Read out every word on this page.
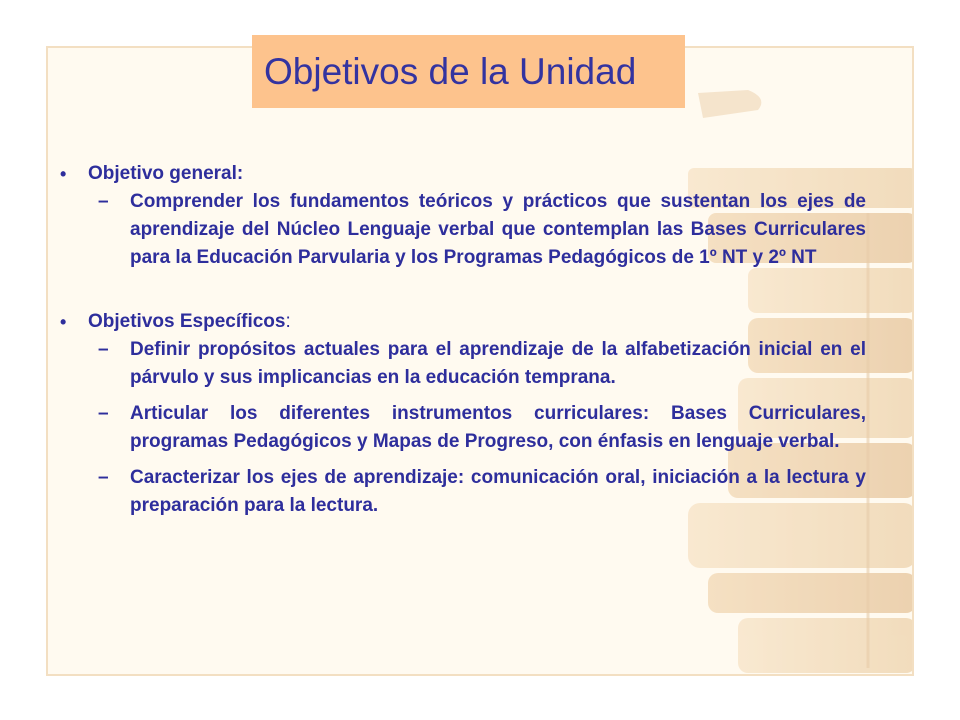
Objetivos de la Unidad
• Objetivo general:
– Comprender los fundamentos teóricos y prácticos que sustentan los ejes de aprendizaje del Núcleo Lenguaje verbal que contemplan las Bases Curriculares para la Educación Parvularia y los Programas Pedagógicos de 1º NT y 2º NT
• Objetivos Específicos:
– Definir propósitos actuales para el aprendizaje de la alfabetización inicial en el párvulo y sus implicancias en la educación temprana.
– Articular los diferentes instrumentos curriculares: Bases Curriculares, programas Pedagógicos y Mapas de Progreso, con énfasis en lenguaje verbal.
– Caracterizar los ejes de aprendizaje: comunicación oral, iniciación a la lectura y preparación para la lectura.
